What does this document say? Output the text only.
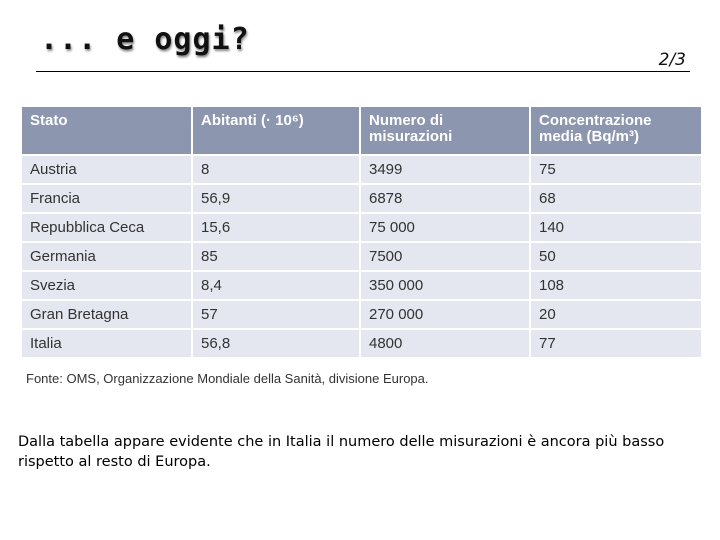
... e oggi?
2/3
Stato	Abitanti (· 10⁶)	Numero di misurazioni	Concentrazione media (Bq/m³)
Austria	8	3499	75
Francia	56,9	6878	68
Repubblica Ceca	15,6	75 000	140
Germania	85	7500	50
Svezia	8,4	350 000	108
Gran Bretagna	57	270 000	20
Italia	56,8	4800	77
Fonte: OMS, Organizzazione Mondiale della Sanità, divisione Europa.

Dalla tabella appare evidente che in Italia il numero delle misurazioni è ancora più basso rispetto al resto di Europa.
